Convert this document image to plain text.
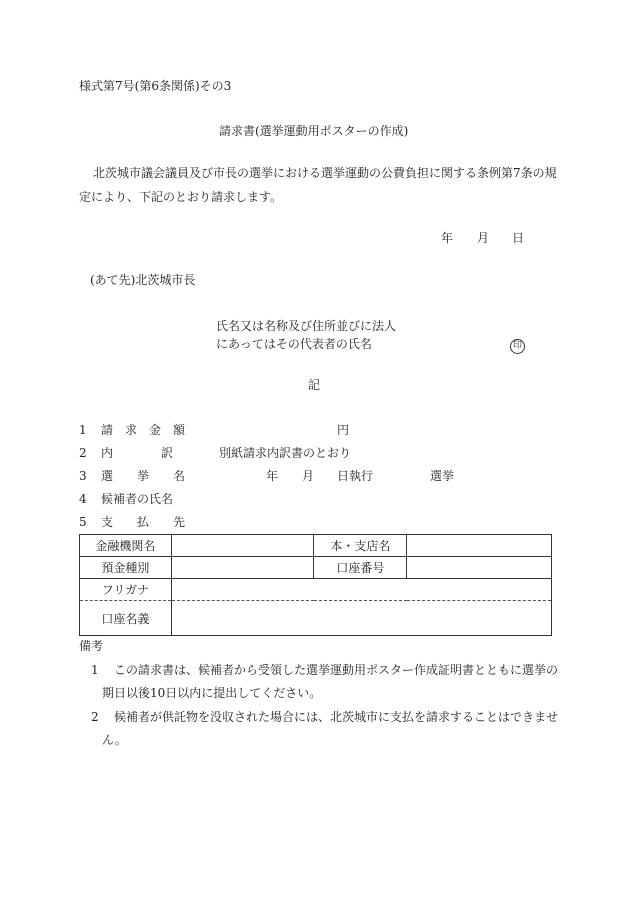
様式第7号(第6条関係)その3
請求書(選挙運動用ポスターの作成)
北茨城市議会議員及び市長の選挙における選挙運動の公費負担に関する条例第7条の規
定により、下記のとおり請求します。
年 月 日
(あて先)北茨城市長
氏名又は名称及び住所並びに法人
にあってはその代表者の氏名	印
記
1 請　求　金　額	円
2 内　　　　訳	別紙請求内訳書のとおり
3 選　　挙　　名	年 月 日執行	選挙
4 候補者の氏名
5 支　　払　　先
金融機関名		本・支店名	
預金種別		口座番号	
フリガナ			
口座名義			
備考
1 この請求書は、候補者から受領した選挙運動用ポスター作成証明書とともに選挙の
期日以後10日以内に提出してください。
2 候補者が供託物を没収された場合には、北茨城市に支払を請求することはできませ
ん。
